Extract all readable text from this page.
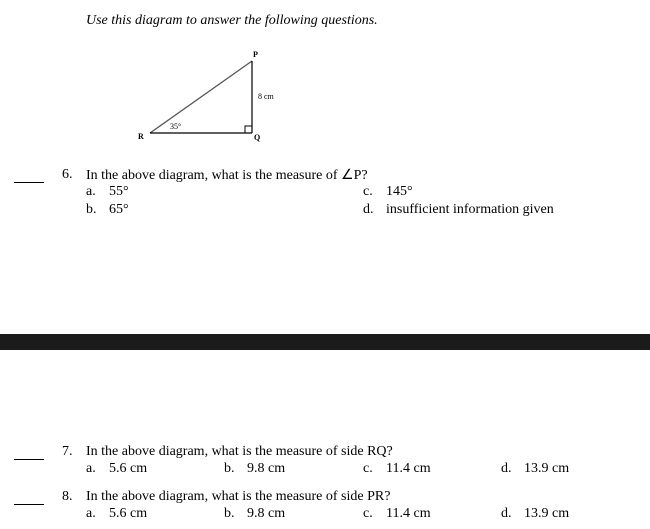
Use this diagram to answer the following questions.
P
Q
R
8 cm
35°
6. In the above diagram, what is the measure of ∠P?
a. 55°
b. 65°
c. 145°
d. insufficient information given
7. In the above diagram, what is the measure of side RQ?
a. 5.6 cm	b. 9.8 cm	c. 11.4 cm	d. 13.9 cm
8. In the above diagram, what is the measure of side PR?
a. 5.6 cm	b. 9.8 cm	c. 11.4 cm	d. 13.9 cm
